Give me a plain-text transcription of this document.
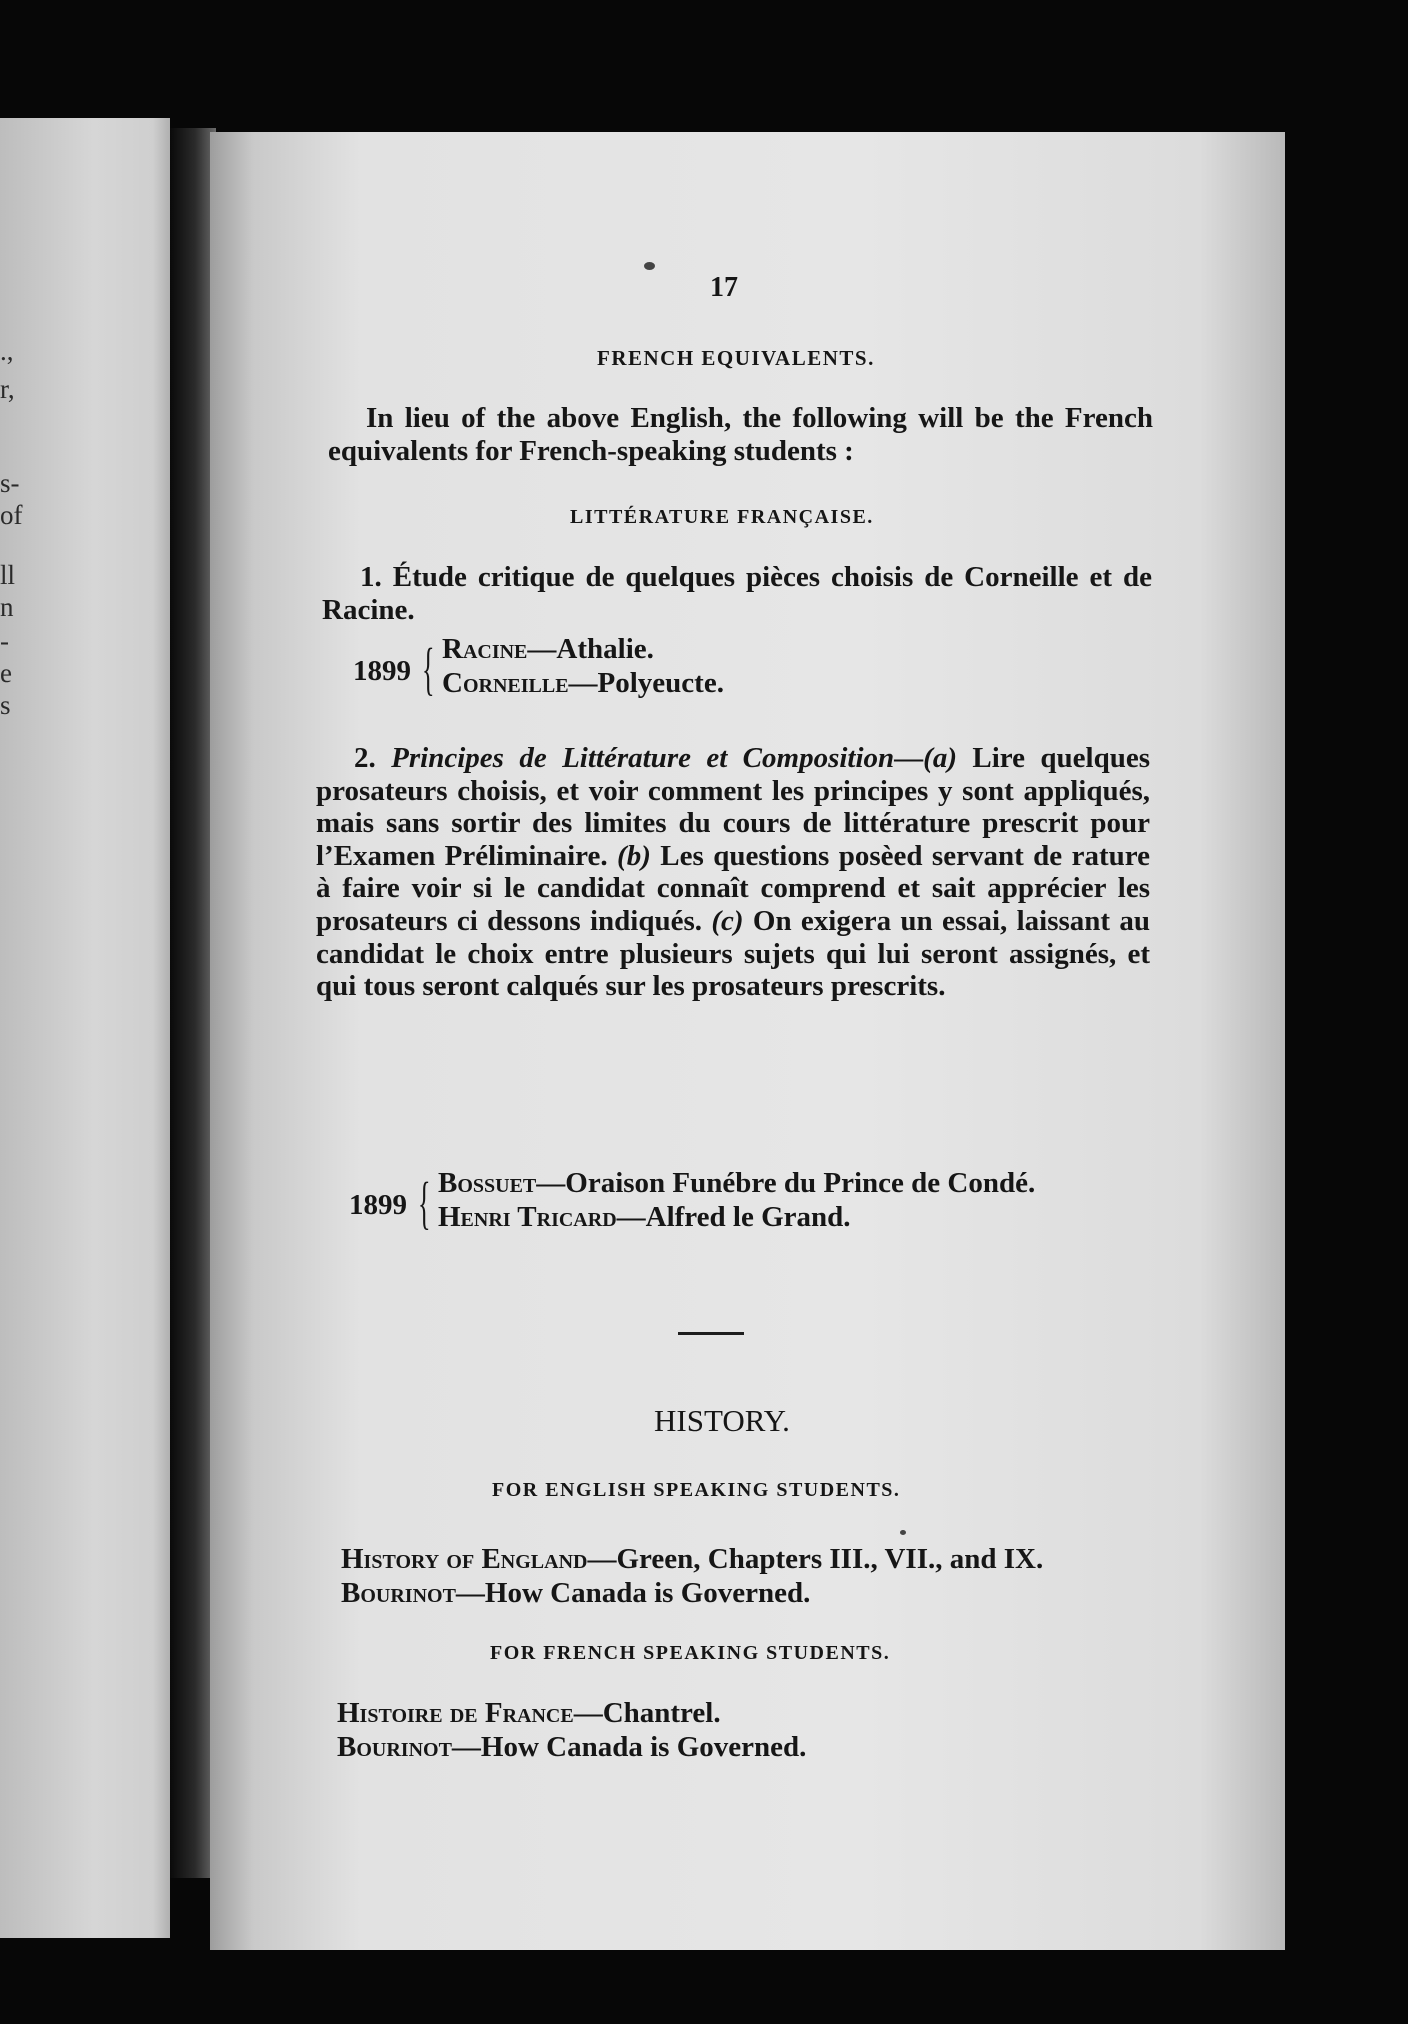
.,
r,
s-
of
ll
n
-
e
s
17
FRENCH EQUIVALENTS.
In lieu of the above English, the following will be the French equivalents for French-speaking students :
LITTÉRATURE FRANÇAISE.
1. Étude critique de quelques pièces choisis de Corneille et de Racine.
1899 { Racine—Athalie.
Corneille—Polyeucte.
2. Principes de Littérature et Composition—(a) Lire quelques prosateurs choisis, et voir comment les principes y sont appliqués, mais sans sortir des limites du cours de littérature prescrit pour l’Examen Préliminaire. (b) Les questions posèed servant de rature à faire voir si le candidat connaît comprend et sait apprécier les prosateurs ci dessons indiqués. (c) On exigera un essai, laissant au candidat le choix entre plusieurs sujets qui lui seront assignés, et qui tous seront calqués sur les prosateurs prescrits.
1899 { Bossuet—Oraison Funébre du Prince de Condé.
Henri Tricard—Alfred le Grand.
HISTORY.
FOR ENGLISH SPEAKING STUDENTS.
History of England—Green, Chapters III., VII., and IX.
Bourinot—How Canada is Governed.
FOR FRENCH SPEAKING STUDENTS.
Histoire de France—Chantrel.
Bourinot—How Canada is Governed.
